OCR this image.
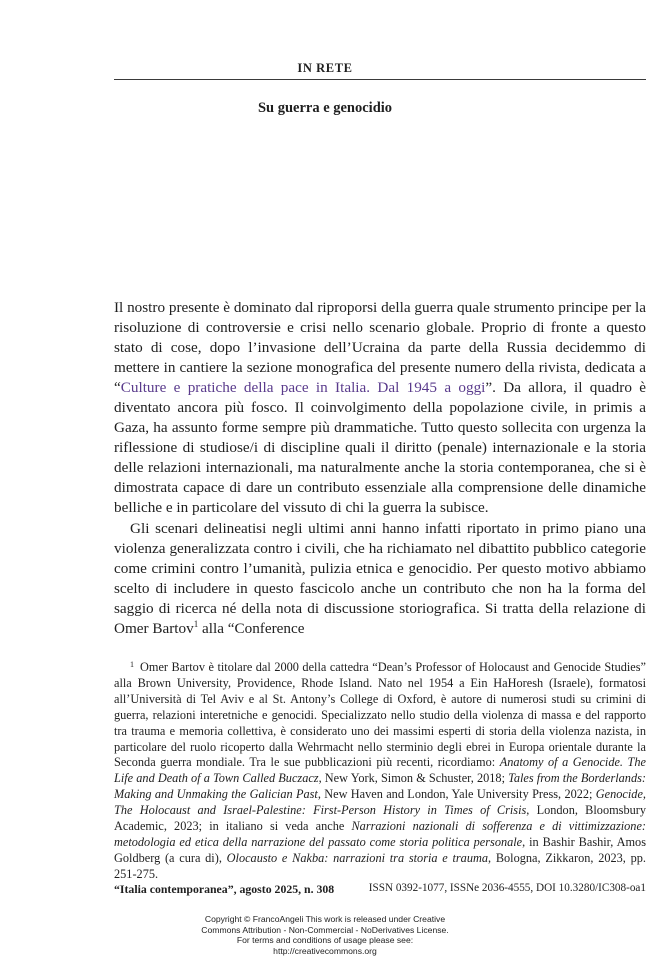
IN RETE
Su guerra e genocidio

Il nostro presente è dominato dal riproporsi della guerra quale strumento principe per la risoluzione di controversie e crisi nello scenario globale. Proprio di fronte a questo stato di cose, dopo l’invasione dell’Ucraina da parte della Russia decidemmo di mettere in cantiere la sezione monografica del presente numero della rivista, dedicata a “Culture e pratiche della pace in Italia. Dal 1945 a oggi”. Da allora, il quadro è diventato ancora più fosco. Il coinvolgimento della popolazione civile, in primis a Gaza, ha assunto forme sempre più drammatiche. Tutto questo sollecita con urgenza la riflessione di studiose/i di discipline quali il diritto (penale) internazionale e la storia delle relazioni internazionali, ma naturalmente anche la storia contemporanea, che si è dimostrata capace di dare un contributo essenziale alla comprensione delle dinamiche belliche e in particolare del vissuto di chi la guerra la subisce.

Gli scenari delineatisi negli ultimi anni hanno infatti riportato in primo piano una violenza generalizzata contro i civili, che ha richiamato nel dibattito pubblico categorie come crimini contro l’umanità, pulizia etnica e genocidio. Per questo motivo abbiamo scelto di includere in questo fascicolo anche un contributo che non ha la forma del saggio di ricerca né della nota di discussione storiografica. Si tratta della relazione di Omer Bartov$^1$ alla “Conference

$^1$ Omer Bartov è titolare dal 2000 della cattedra “Dean’s Professor of Holocaust and Genocide Studies” alla Brown University, Providence, Rhode Island. Nato nel 1954 a Ein HaHoresh (Israele), formatosi all’Università di Tel Aviv e al St. Antony’s College di Oxford, è autore di numerosi studi su crimini di guerra, relazioni interetniche e genocidi. Specializzato nello studio della violenza di massa e del rapporto tra trauma e memoria collettiva, è considerato uno dei massimi esperti di storia della violenza nazista, in particolare del ruolo ricoperto dalla Wehrmacht nello sterminio degli ebrei in Europa orientale durante la Seconda guerra mondiale. Tra le sue pubblicazioni più recenti, ricordiamo: Anatomy of a Genocide. The Life and Death of a Town Called Buczacz, New York, Simon & Schuster, 2018; Tales from the Borderlands: Making and Unmaking the Galician Past, New Haven and London, Yale University Press, 2022; Genocide, The Holocaust and Israel-Palestine: First-Person History in Times of Crisis, London, Bloomsbury Academic, 2023; in italiano si veda anche Narrazioni nazionali di sofferenza e di vittimizzazione: metodologia ed etica della narrazione del passato come storia politica personale, in Bashir Bashir, Amos Goldberg (a cura di), Olocausto e Nakba: narrazioni tra storia e trauma, Bologna, Zikkaron, 2023, pp. 251-275.
“Italia contemporanea”, agosto 2025, n. 308	ISSN 0392-1077, ISSNe 2036-4555, DOI 10.3280/IC308-oa1
Copyright © FrancoAngeli This work is released under Creative
Commons Attribution - Non-Commercial - NoDerivatives License.
For terms and conditions of usage please see:
http://creativecommons.org
